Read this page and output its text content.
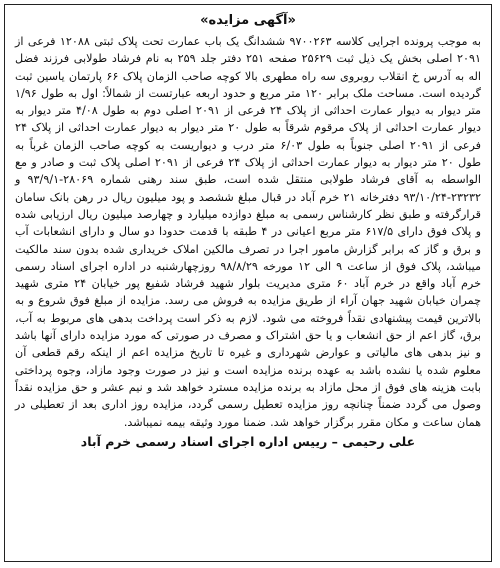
«آگهی مزایده»

به موجب پرونده اجرایی کلاسه ۹۷۰۰۲۶۳ ششدانگ یک باب عمارت تحت پلاک ثبتی ۱۲۰۸۸ فرعی از ۲۰۹۱ اصلی بخش یک ذیل ثبت ۲۵۶۲۹ صفحه ۲۵۱ دفتر جلد ۲۵۹ به نام فرشاد طولابی فرزند فضل اله به آدرس خ انقلاب روبروی سه راه مطهری بالا کوچه صاحب الزمان پلاک ۶۶ پارتمان یاسین ثبت گردیده است. مساحت ملک برابر ۱۲۰ متر مربع و حدود اربعه عبارتست از شمالاً: اول به طول ۱/۹۶ متر دیوار به دیوار عمارت احداثی از پلاک ۲۴ فرعی از ۲۰۹۱ اصلی دوم به طول ۴/۰۸ متر دیوار به دیوار عمارت احداثی از پلاک مرقوم شرقاً به طول ۲۰ متر دیوار به دیوار عمارت احداثی از پلاک ۲۴ فرعی از ۲۰۹۱ اصلی جنوباً به طول ۶/۰۳ متر درب و دیواریست به کوچه صاحب الزمان غرباً به طول ۲۰ متر دیوار به دیوار عمارت احداثی از پلاک ۲۴ فرعی از ۲۰۹۱ اصلی پلاک ثبت و صادر و مع الواسطه به آقای فرشاد طولابی منتقل شده است، طبق سند رهنی شماره ۲۸۰۶۹-۹۳/۹/۱ و ۲۳۲۳۲-۹۳/۱۰/۲۴ دفترخانه ۲۱ خرم آباد در قبال مبلغ ششصد و پود میلیون ریال در رهن بانک سامان قرارگرفته و طبق نظر کارشناس رسمی به مبلغ دوازده میلیارد و چهارصد میلیون ریال ارزیابی شده و پلاک فوق دارای ۶۱۷/۵ متر مربع اعیانی در ۴ طبقه با قدمت حدودا دو سال و دارای انشعابات آب و برق و گاز که برابر گزارش مامور اجرا در تصرف مالکین املاک خریداری شده بدون سند مالکیت میباشد، پلاک فوق از ساعت ۹ الی ۱۲ مورخه ۹۸/۸/۲۹ روزچهارشنبه در اداره اجرای اسناد رسمی خرم آباد واقع در خرم آباد ۶۰ متری مدیریت بلوار شهید فرشاد شفیع پور خیابان ۲۴ متری شهید چمران خیابان شهید جهان آراء از طریق مزایده به فروش می رسد. مزایده از مبلغ فوق شروع و به بالاترین قیمت پیشنهادی نقداً فروخته می شود. لازم به ذکر است پرداخت بدهی های مربوط به آب، برق، گاز اعم از حق انشعاب و یا حق اشتراک و مصرف در صورتی که مورد مزایده دارای آنها باشد و نیز بدهی های مالیاتی و عوارض شهرداری و غیره تا تاریخ مزایده اعم از اینکه رقم قطعی آن معلوم شده یا نشده باشد به عهده برنده مزایده است و نیز در صورت وجود مازاد، وجوه پرداختی بابت هزینه های فوق از محل مازاد به برنده مزایده مسترد خواهد شد و نیم عشر و حق مزایده نقداً وصول می گردد ضمناً چنانچه روز مزایده تعطیل رسمی گردد، مزایده روز اداری بعد از تعطیلی در همان ساعت و مکان مقرر برگزار خواهد شد. ضمنا مورد وثیقه بیمه نمیباشد.

علی رحیمی – رییس اداره اجرای اسناد رسمی خرم آباد
